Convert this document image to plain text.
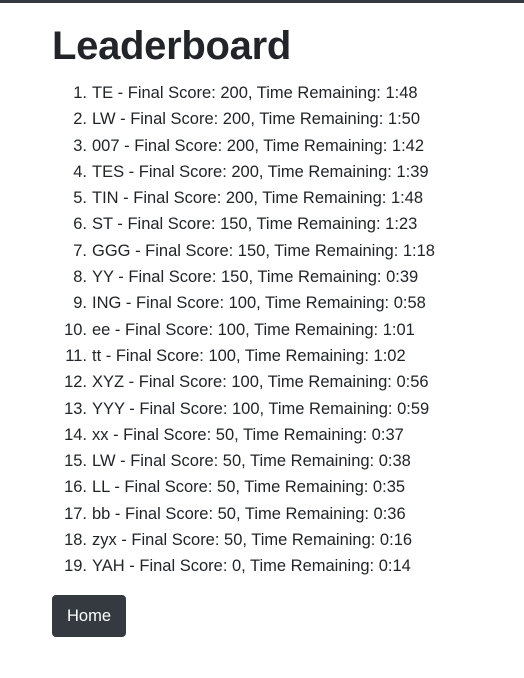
Leaderboard
1. TE - Final Score: 200, Time Remaining: 1:48
2. LW - Final Score: 200, Time Remaining: 1:50
3. 007 - Final Score: 200, Time Remaining: 1:42
4. TES - Final Score: 200, Time Remaining: 1:39
5. TIN - Final Score: 200, Time Remaining: 1:48
6. ST - Final Score: 150, Time Remaining: 1:23
7. GGG - Final Score: 150, Time Remaining: 1:18
8. YY - Final Score: 150, Time Remaining: 0:39
9. ING - Final Score: 100, Time Remaining: 0:58
10. ee - Final Score: 100, Time Remaining: 1:01
11. tt - Final Score: 100, Time Remaining: 1:02
12. XYZ - Final Score: 100, Time Remaining: 0:56
13. YYY - Final Score: 100, Time Remaining: 0:59
14. xx - Final Score: 50, Time Remaining: 0:37
15. LW - Final Score: 50, Time Remaining: 0:38
16. LL - Final Score: 50, Time Remaining: 0:35
17. bb - Final Score: 50, Time Remaining: 0:36
18. zyx - Final Score: 50, Time Remaining: 0:16
19. YAH - Final Score: 0, Time Remaining: 0:14
Home
